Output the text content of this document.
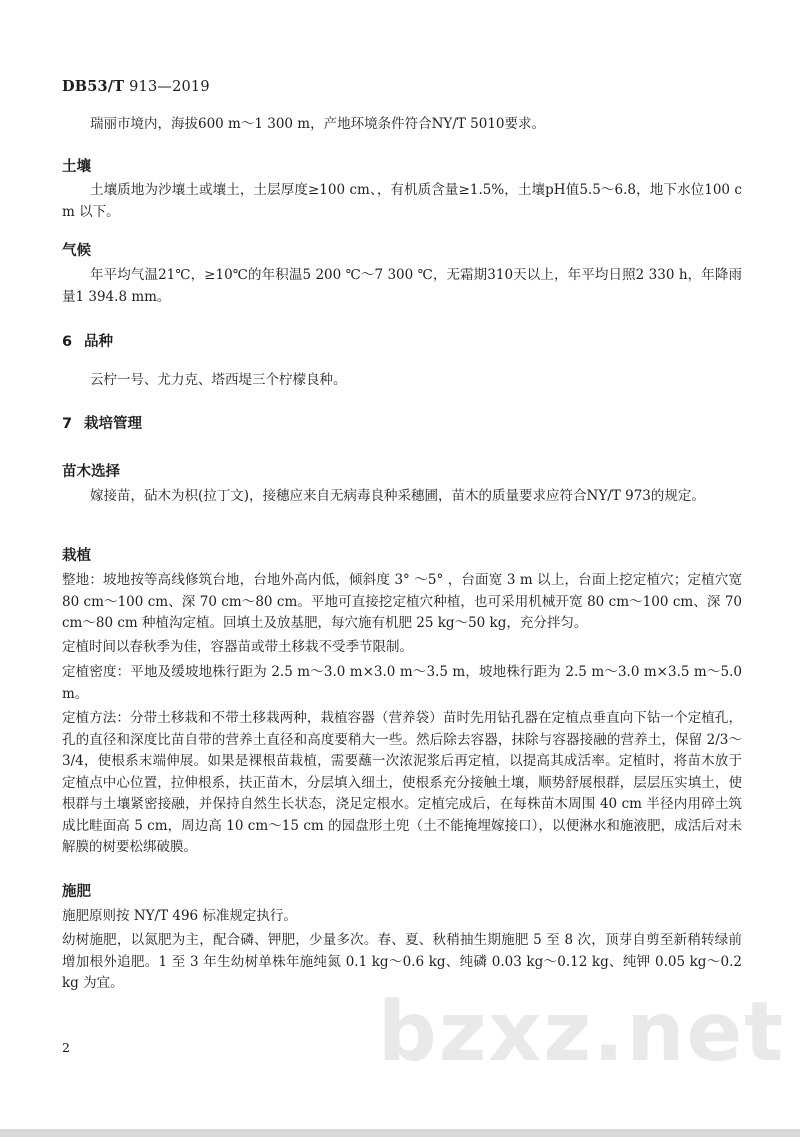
DB53/T 913—2019
瑞丽市境内，海拔600 m～1 300 m，产地环境条件符合NY/T 5010要求。
土壤
土壤质地为沙壤土或壤土，土层厚度≥100 cm、，有机质含量≥1.5%，土壤pH值5.5～6.8，地下水位100 cm 以下。
气候
年平均气温21℃，≥10℃的年积温5 200 ℃～7 300 ℃，无霜期310天以上，年平均日照2 330 h，年降雨量1 394.8 mm。
6 品种
云柠一号、尤力克、塔西堤三个柠檬良种。
7 栽培管理
苗木选择
嫁接苗，砧木为枳(拉丁文)，接穗应来自无病毒良种采穗圃，苗木的质量要求应符合NY/T 973的规定。
栽植
整地：坡地按等高线修筑台地，台地外高内低，倾斜度 3° ～5° ，台面宽 3 m 以上，台面上挖定植穴；定植穴宽 80 cm～100 cm、深 70 cm～80 cm。平地可直接挖定植穴种植，也可采用机械开宽 80 cm～100 cm、深 70 cm～80 cm 种植沟定植。回填土及放基肥，每穴施有机肥 25 kg～50 kg，充分拌匀。
定植时间以春秋季为佳，容器苗或带土移栽不受季节限制。
定植密度：平地及缓坡地株行距为 2.5 m～3.0 m×3.0 m～3.5 m，坡地株行距为 2.5 m～3.0 m×3.5 m～5.0 m。
定植方法：分带土移栽和不带土移栽两种，栽植容器（营养袋）苗时先用钻孔器在定植点垂直向下钻一个定植孔，孔的直径和深度比苗自带的营养土直径和高度要稍大一些。然后除去容器，抹除与容器接融的营养土，保留 2/3～3/4，使根系末端伸展。如果是裸根苗栽植，需要蘸一次浓泥浆后再定植，以提高其成活率。定植时，将苗木放于定植点中心位置，拉伸根系，扶正苗木，分层填入细土，使根系充分接触土壤，顺势舒展根群，层层压实填土，使根群与土壤紧密接融，并保持自然生长状态，浇足定根水。定植完成后，在每株苗木周围 40 cm 半径内用碎土筑成比畦面高 5 cm，周边高 10 cm～15 cm 的园盘形土兜（土不能掩埋嫁接口），以便淋水和施液肥，成活后对未解膜的树要松绑破膜。
施肥
施肥原则按 NY/T 496 标准规定执行。
幼树施肥，以氮肥为主，配合磷、钾肥，少量多次。春、夏、秋稍抽生期施肥 5 至 8 次，顶芽自剪至新稍转绿前增加根外追肥。1 至 3 年生幼树单株年施纯氮 0.1 kg～0.6 kg、纯磷 0.03 kg～0.12 kg、纯钾 0.05 kg～0.2 kg 为宜。
bzxz.net
2
